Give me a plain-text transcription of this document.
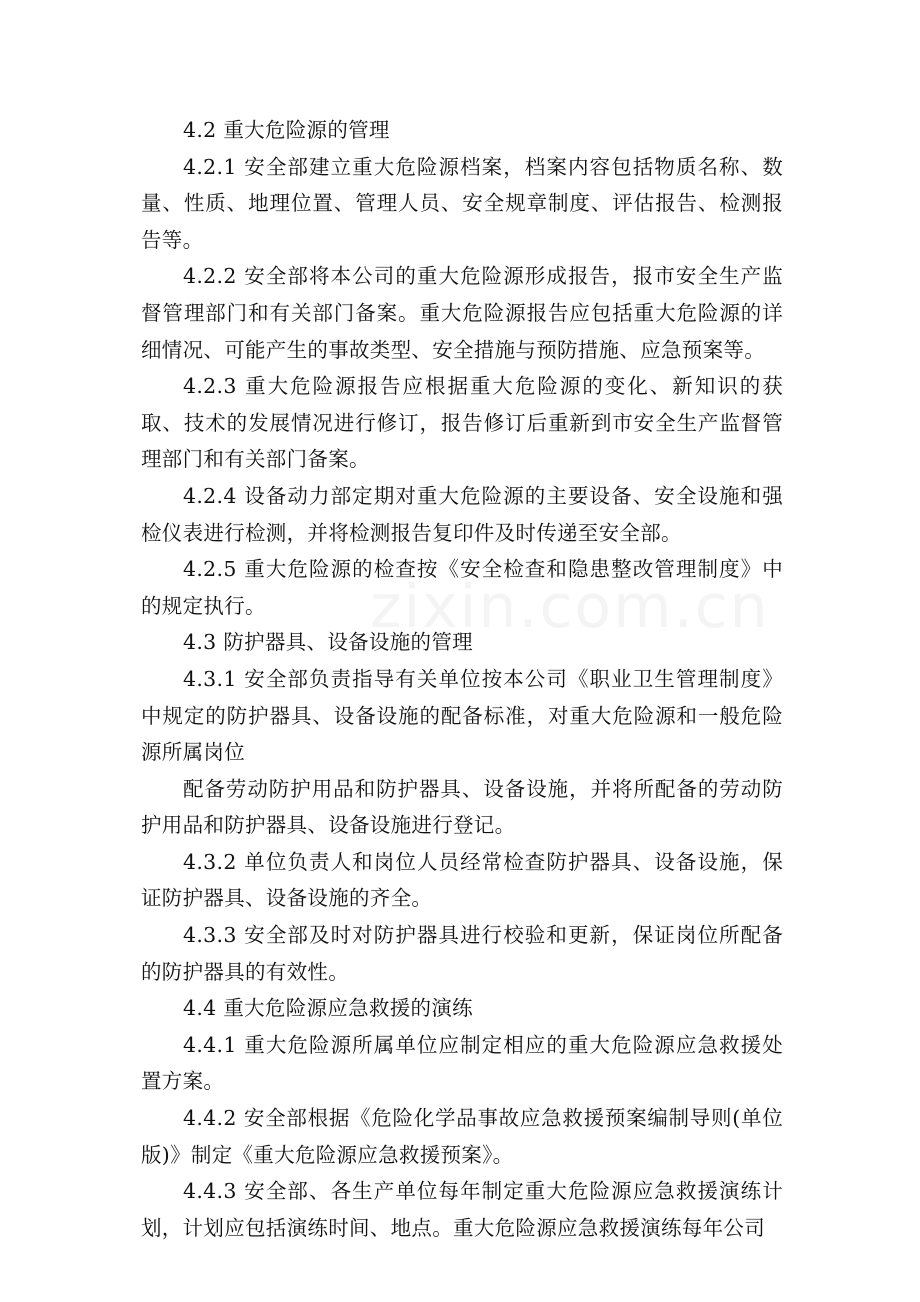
4.2 重大危险源的管理

4.2.1 安全部建立重大危险源档案，档案内容包括物质名称、数量、性质、地理位置、管理人员、安全规章制度、评估报告、检测报告等。

4.2.2 安全部将本公司的重大危险源形成报告，报市安全生产监督管理部门和有关部门备案。重大危险源报告应包括重大危险源的详细情况、可能产生的事故类型、安全措施与预防措施、应急预案等。

4.2.3 重大危险源报告应根据重大危险源的变化、新知识的获取、技术的发展情况进行修订，报告修订后重新到市安全生产监督管理部门和有关部门备案。

4.2.4 设备动力部定期对重大危险源的主要设备、安全设施和强检仪表进行检测，并将检测报告复印件及时传递至安全部。

4.2.5 重大危险源的检查按《安全检查和隐患整改管理制度》中的规定执行。

4.3 防护器具、设备设施的管理

4.3.1 安全部负责指导有关单位按本公司《职业卫生管理制度》中规定的防护器具、设备设施的配备标准，对重大危险源和一般危险源所属岗位

配备劳动防护用品和防护器具、设备设施，并将所配备的劳动防护用品和防护器具、设备设施进行登记。

4.3.2 单位负责人和岗位人员经常检查防护器具、设备设施，保证防护器具、设备设施的齐全。

4.3.3 安全部及时对防护器具进行校验和更新，保证岗位所配备的防护器具的有效性。

4.4 重大危险源应急救援的演练

4.4.1 重大危险源所属单位应制定相应的重大危险源应急救援处置方案。

4.4.2 安全部根据《危险化学品事故应急救援预案编制导则(单位版)》制定《重大危险源应急救援预案》。

4.4.3 安全部、各生产单位每年制定重大危险源应急救援演练计划，计划应包括演练时间、地点。重大危险源应急救援演练每年公司

zixin.com.cn
